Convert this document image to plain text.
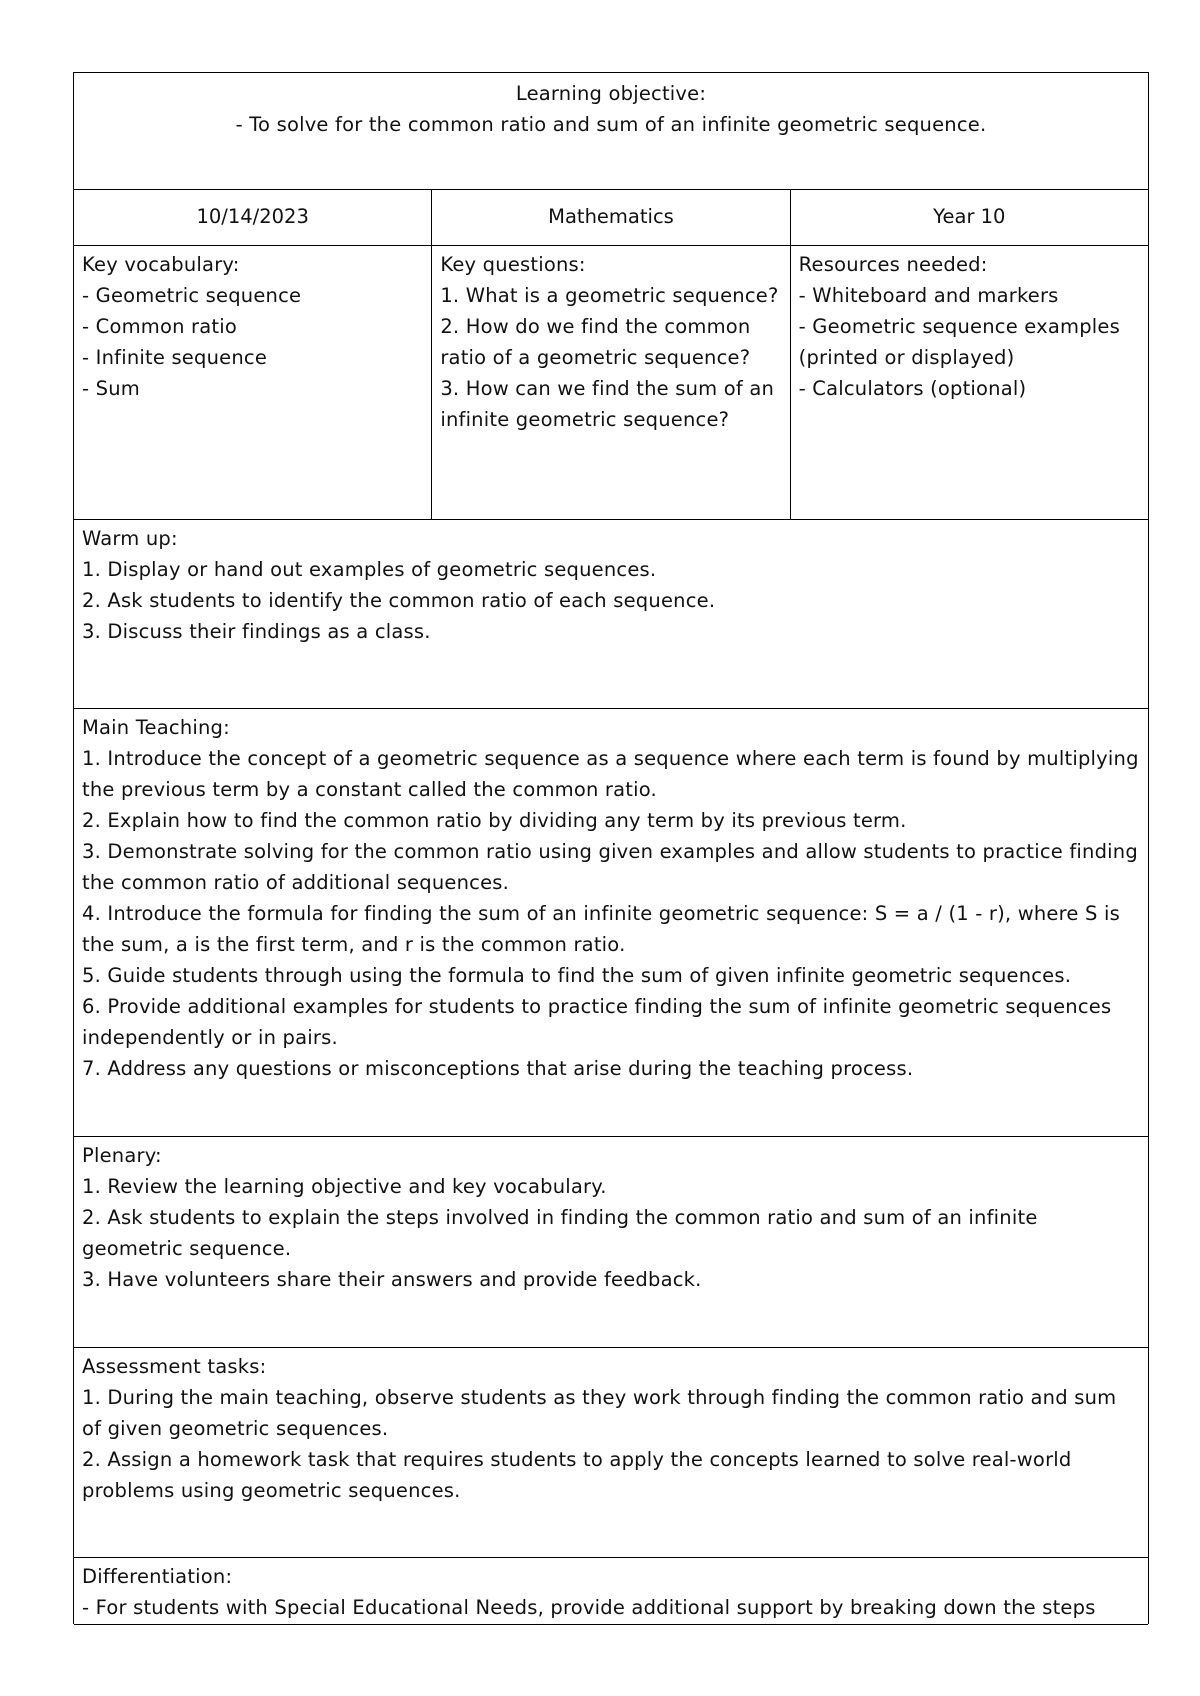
Learning objective:
- To solve for the common ratio and sum of an infinite geometric sequence.
10/14/2023	Mathematics	Year 10
Key vocabulary:
- Geometric sequence
- Common ratio
- Infinite sequence
- Sum
Key questions:
1. What is a geometric sequence?
2. How do we find the common ratio of a geometric sequence?
3. How can we find the sum of an infinite geometric sequence?
Resources needed:
- Whiteboard and markers
- Geometric sequence examples (printed or displayed)
- Calculators (optional)
Warm up:
1. Display or hand out examples of geometric sequences.
2. Ask students to identify the common ratio of each sequence.
3. Discuss their findings as a class.
Main Teaching:
1. Introduce the concept of a geometric sequence as a sequence where each term is found by multiplying the previous term by a constant called the common ratio.
2. Explain how to find the common ratio by dividing any term by its previous term.
3. Demonstrate solving for the common ratio using given examples and allow students to practice finding the common ratio of additional sequences.
4. Introduce the formula for finding the sum of an infinite geometric sequence: S = a / (1 - r), where S is the sum, a is the first term, and r is the common ratio.
5. Guide students through using the formula to find the sum of given infinite geometric sequences.
6. Provide additional examples for students to practice finding the sum of infinite geometric sequences independently or in pairs.
7. Address any questions or misconceptions that arise during the teaching process.
Plenary:
1. Review the learning objective and key vocabulary.
2. Ask students to explain the steps involved in finding the common ratio and sum of an infinite geometric sequence.
3. Have volunteers share their answers and provide feedback.
Assessment tasks:
1. During the main teaching, observe students as they work through finding the common ratio and sum of given geometric sequences.
2. Assign a homework task that requires students to apply the concepts learned to solve real-world problems using geometric sequences.
Differentiation:
- For students with Special Educational Needs, provide additional support by breaking down the steps
